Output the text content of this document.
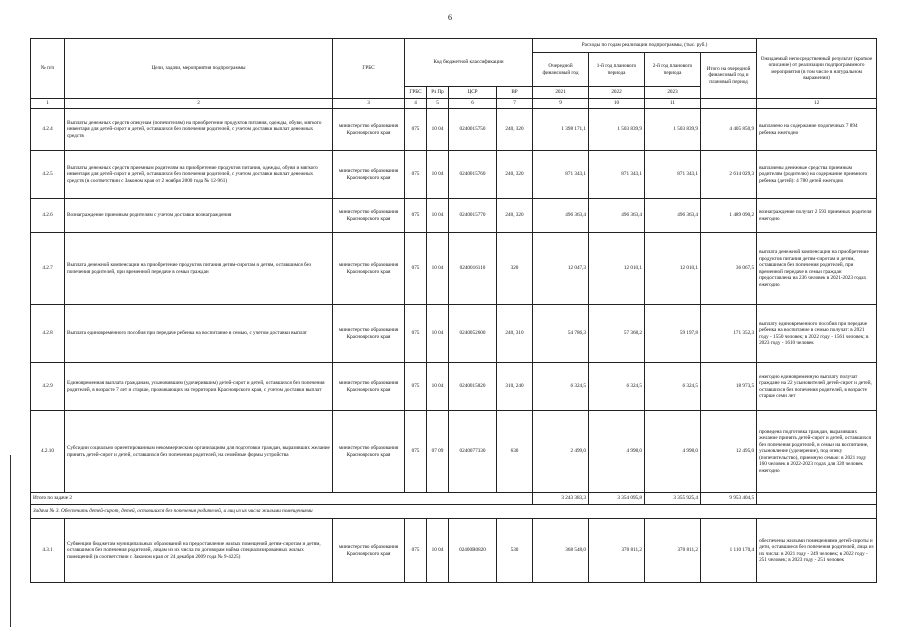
6
№ п/п	Цели, задачи, мероприятия подпрограммы	ГРБС	Код бюджетной классификации				Расходы по годам реализации подпрограммы, (тыс. руб.)				Ожидаемый непосредственный результат (краткое описание) от реализации подпрограммного мероприятия (в том числе в натуральном выражении)
							Очередной финансовый год	1-й год планового периода	2-й год планового периода	Итого на очередной финансовый год и плановый период	
			ГРБС	Рз Пр	ЦСР	ВР	2021	2022	2023		
1	2	3	4	5	6	7	9	10	11		12
4.2.4	Выплаты денежных средств опекунам (попечителям) на приобретение продуктов питания, одежды, обуви, мягкого инвентаря для детей-сирот и детей, оставшихся без попечения родителей, с учетом доставки выплат денежных средств	министерство образования Красноярского края	075	10 04	0240015750	240, 320	1 398 171,1	1 503 839,9	1 503 839,9	4 405 850,9	выплачено на содержание подопечных 7 894 ребенка ежегодно
4.2.5	Выплаты денежных средств приемным родителям на приобретение продуктов питания, одежды, обуви и мягкого инвентаря для детей-сирот и детей, оставшихся без попечения родителей, с учетом доставки выплат денежных средств (в соответствии с Законом края от 2 ноября 2000 года № 12-961)	министерство образования Красноярского края	075	10 04	0240015760	240, 320	871 343,1	871 343,1	871 343,1	2 614 029,3	выплачены денежные средства приемным родителям (родителю) на содержание приемного ребенка (детей): 4 780 детей ежегодно
4.2.6	Вознаграждение приемным родителям с учетом доставки вознаграждения	министерство образования Красноярского края	075	10 04	0240015770	240, 320	496 363,4	496 363,4	496 363,4	1 489 090,2	вознаграждение получат 2 593 приемных родителя ежегодно
4.2.7	Выплата денежной компенсации на приобретение продуктов питания детям-сиротам и детям, оставшимся без попечения родителей, при временной передаче в семьи граждан	министерство образования Красноярского края	075	10 04	0240016110	320	12 047,3	12 010,1	12 010,1	36 067,5	выплата денежной компенсации на приобретение продуктов питания детям-сиротам и детям, оставшимся без попечения родителей, при временной передаче в семьи граждан предоставлена на 236 человек в 2021-2023 годах ежегодно
4.2.8	Выплата единовременного пособия при передаче ребенка на воспитание в семью, с учетом доставки выплат	министерство образования Красноярского края	075	10 04	0240052600	240, 310	54 786,3	57 368,2	59 197,8	171 352,3	выплату единовременного пособия при передаче ребенка на воспитание в семью получат: в 2021 году - 1550 человек; в 2022 году - 1561 человек; в 2023 году - 1610 человек
4.2.9	Единовременная выплата гражданам, усыновившим (удочерившим) детей-сирот и детей, оставшихся без попечения родителей, в возрасте 7 лет и старше, проживающих на территории Красноярского края, с учетом доставки выплат	министерство образования Красноярского края	075	10 04	0240015820	310, 240	6 324,5	6 324,5	6 324,5	18 973,5	ежегодно единовременную выплату получат граждане на 22 усыновителей детей-сирот и детей, оставшихся без попечения родителей, в возрасте старше семи лет
4.2.10	Субсидии социально ориентированным некоммерческим организациям для подготовки граждан, выразивших желание принять детей-сирот и детей, оставшихся без попечения родителей, на семейные формы устройства	министерство образования Красноярского края	075	07 09	0240077330	630	2 499,0	4 998,0	4 998,0	12 495,0	проведена подготовка граждан, выразивших желание принять детей-сирот и детей, оставшихся без попечения родителей, в семьи на воспитание, усыновление (удочерение), под опеку (попечительство), приемную семью: в 2021 году 160 человек в 2022-2023 годах для 320 человек ежегодно
Итого по задаче 2							3 243 383,3	3 354 095,8	3 355 925,4	9 953 404,5	
Задача № 3. Обеспечить детей-сирот, детей, оставшихся без попечения родителей, и лиц из их числа жилыми помещениями											
4.3.1	Субвенции бюджетам муниципальных образований на предоставление жилых помещений детям-сиротам и детям, оставшимся без попечения родителей, лицам из их числа по договорам найма специализированных жилых помещений (в соответствии с Законом края от 24 декабря 2009 года № 9-4225)	министерство образования Красноярского края	075	10 04	02400R0820	530	368 548,0	370 811,2	370 811,2	1 110 170,4	обеспечены жилыми помещениями детей-сироты и дети, оставшиеся без попечения родителей, лица из их числа: в 2021 году - 249 человек; в 2022 году - 251 человек; в 2023 году - 251 человек
